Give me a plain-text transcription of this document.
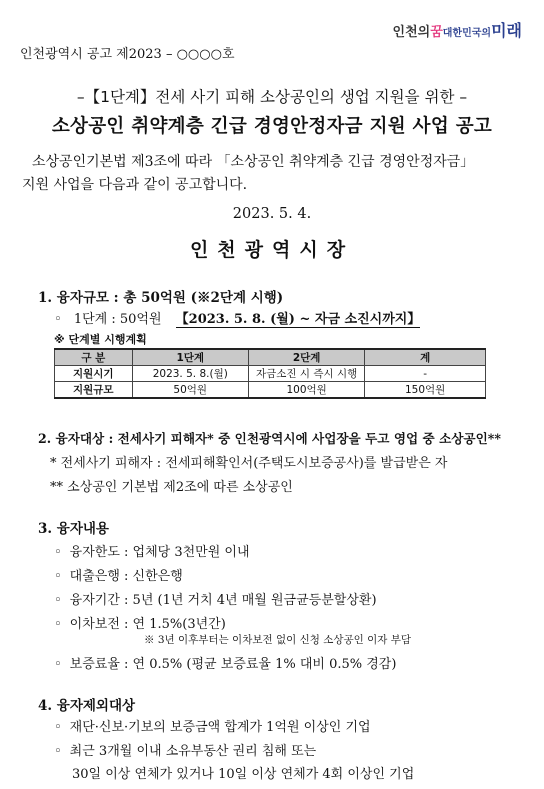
인천의꿈대한민국의미래
인천광역시 공고 제2023 – ○○○○호
–【1단계】전세 사기 피해 소상공인의 생업 지원을 위한 –
소상공인 취약계층 긴급 경영안정자금 지원 사업 공고
소상공인기본법 제3조에 따라 「소상공인 취약계층 긴급 경영안정자금」
지원 사업을 다음과 같이 공고합니다.
2023. 5. 4.
인천광역시장
1. 융자규모 : 총 50억원 (※2단계 시행)
◦ 1단계 : 50억원 【2023. 5. 8. (월) ~ 자금 소진시까지】
※ 단계별 시행계획
구 분	1단계	2단계	계
지원시기	2023. 5. 8.(월)	자금소진 시 즉시 시행	-
지원규모	50억원	100억원	150억원
2. 융자대상 : 전세사기 피해자* 중 인천광역시에 사업장을 두고 영업 중 소상공인**
* 전세사기 피해자 : 전세피해확인서(주택도시보증공사)를 발급받은 자
** 소상공인 기본법 제2조에 따른 소상공인
3. 융자내용
◦ 융자한도 : 업체당 3천만원 이내
◦ 대출은행 : 신한은행
◦ 융자기간 : 5년 (1년 거치 4년 매월 원금균등분할상환)
◦ 이차보전 : 연 1.5%(3년간)
※ 3년 이후부터는 이차보전 없이 신청 소상공인 이자 부담
◦ 보증료율 : 연 0.5% (평균 보증료율 1% 대비 0.5% 경감)
4. 융자제외대상
◦ 재단·신보·기보의 보증금액 합계가 1억원 이상인 기업
◦ 최근 3개월 이내 소유부동산 권리 침해 또는
30일 이상 연체가 있거나 10일 이상 연체가 4회 이상인 기업
